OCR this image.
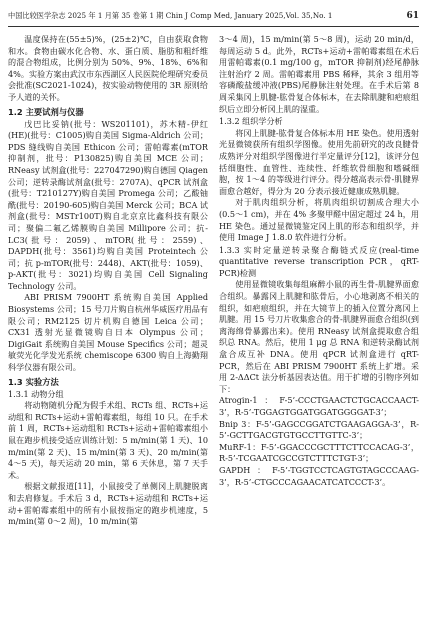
中国比较医学杂志 2025 年 1 月第 35 卷第 1 期 Chin J Comp Med, January 2025,Vol. 35,No. 1	61

温度保持在(55±5)%，(25±2)℃，自由获取食物和水。食物由碳水化合物、水、蛋白质、脂肪和粗纤维的混合物组成，比例分别为 50%、9%、18%、6%和 4%。实验方案由武汉市东西湖区人民医院伦理研究委员会批准(SC2021-1024)，按实验动物使用的 3R 原则给予人道的关怀。

1.2 主要试剂与仪器

戊巴比妥钠(批号：WS201101)，苏木精-伊红(HE)(批号：C1005)购自美国 Sigma-Aldrich 公司；PDS 缝线购自美国 Ethicon 公司；雷帕霉素(mTOR 抑制剂，批号：P130825)购自美国 MCE 公司；RNeasy 试剂盒(批号：227047290)购自德国 Qiagen 公司；逆转录酶试剂盒(批号：2707A)、qPCR 试剂盒(批号：T210127Y)购自美国 Promega 公司；乙酸铀酰(批号：20190-605)购自美国 Merck 公司；BCA 试剂盒(批号：MSTr100T)购自北京京比鑫科技有限公司；聚偏二氟乙烯膜购自美国 Millipore 公司；抗-LC3(批号：2059)、mTOR(批号：2559)、DAPDH(批号：3561)均购自美国 Proteintech 公司；抗 p-mTOR(批号：2448)、AKT(批号：1059)、p-AKT(批号：3021)均购自美国 Cell Signaling Technology 公司。

ABI PRISM 7900HT 系统购自美国 Applied Biosystems 公司；15 号刀片购自杭州华威医疗用品有限公司；RM2125 切片机购自德国 Leica 公司；CX31 透射光显微镜购自日本 Olympus 公司；DigiGait 系统购自美国 Mouse Specifics 公司；超灵敏荧光化学发光系统 chemiscope 6300 购自上海勤翔科学仪器有限公司。

1.3 实验方法
1.3.1 动物分组

将动物随机分配为假手术组、RCTs 组、RCTs+运动组和 RCTs+运动+雷帕霉素组，每组 10 只。在手术前 1 周，RCTs+运动组和 RCTs+运动+雷帕霉素组小鼠在跑步机接受适应训练计划：5 m/min(第 1 天)、10 m/min(第 2 天)、15 m/min(第 3 天)、20 m/min(第 4～5 天)，每天运动 20 min，第 6 天休息，第 7 天手术。

根据文献报道[11]，小鼠接受了单侧冈上肌腱脱离和去肩修复。手术后 3 d，RCTs+运动组和 RCTs+运动+雷帕霉素组中的所有小鼠按指定的跑步机速度，5 m/min(第 0～2 周)，10 m/min(第

3～4 周)，15 m/min(第 5～8 周)，运动 20 min/d，每周运动 5 d。此外，RCTs+运动+雷帕霉素组在术后用雷帕霉素(0.1 mg/100 g，mTOR 抑制剂)经尾静脉注射治疗 2 周。雷帕霉素用 PBS 稀释，其余 3 组用等容磷酸盐缓冲液(PBS)尾静脉注射处理。在手术后第 8 周采集冈上肌腱-肱骨复合体标本，在去除肌腱和疤痕组织后立即分析冈上肌的湿重。

1.3.2 组织学分析

将冈上肌腱-肱骨复合体标本用 HE 染色。使用透射光显微镜获所有组织学图像。使用先前研究的改良腱骨成熟评分对组织学图像进行半定量评分[12]，该评分包括细胞性、血管性、连续性、纤维软骨细胞和嗜碱细胞，按 1～4 的等级进行评分。得分越高表示骨-肌腱界面愈合越好，得分为 20 分表示接近健康成熟肌腱。

对于肌肉组织分析，将肌肉组织切割成合理大小(0.5～1 cm)，并在 4% 多聚甲醛中固定超过 24 h，用 HE 染色。通过显微镜鉴定冈上肌的形态和组织学，并使用 Image J 1.8.0 软件进行分析。

1.3.3 实时定量逆转录聚合酶链式反应(real-time quantitative reverse transcription PCR，qRT-PCR)检测

使用显微镜收集每组麻醉小鼠的再生骨-肌腱界面愈合组织。暴露冈上肌腱和肱骨后，小心地剥离不相关的组织，如疤痕组织，并在大镜节上的插入位置分离冈上肌腱。用 15 号刀片收集愈合的骨-肌腱界面愈合组织(到离海绵骨暴露出来)。使用 RNeasy 试剂盒提取愈合组织总 RNA。然后，使用 1 μg 总 RNA 和逆转录酶试剂盒合成互补 DNA。使用 qPCR 试剂盒进行 qRT-PCR，然后在 ABI PRISM 7900HT 系统上扩增。采用 2-ΔΔCt 法分析基因表达值。用于扩增的引物序列如下：

Atrogin-1：F-5’-CCCTGAACTCTGCACCAACT-3’，R-5’-TGGAGTGGATGGATGGGGAT-3’；

Bnip 3：F-5’-GAGCCGGATCTGAAGAGGA-3’，R-5’-GCTTGACGTGTGCCTTGTTC-3’；

MuRF-1：F-5’-GGACCCGCTTTCTTCCACAG-3’，R-5’-TCGAATCGCCGTCTTTCTGT-3’；

GAPDH：F-5’-TGGTCCTCAGTGTAGCCCAAG-3’，R-5’-CTGCCCAGAACATCATCCCT-3’。
